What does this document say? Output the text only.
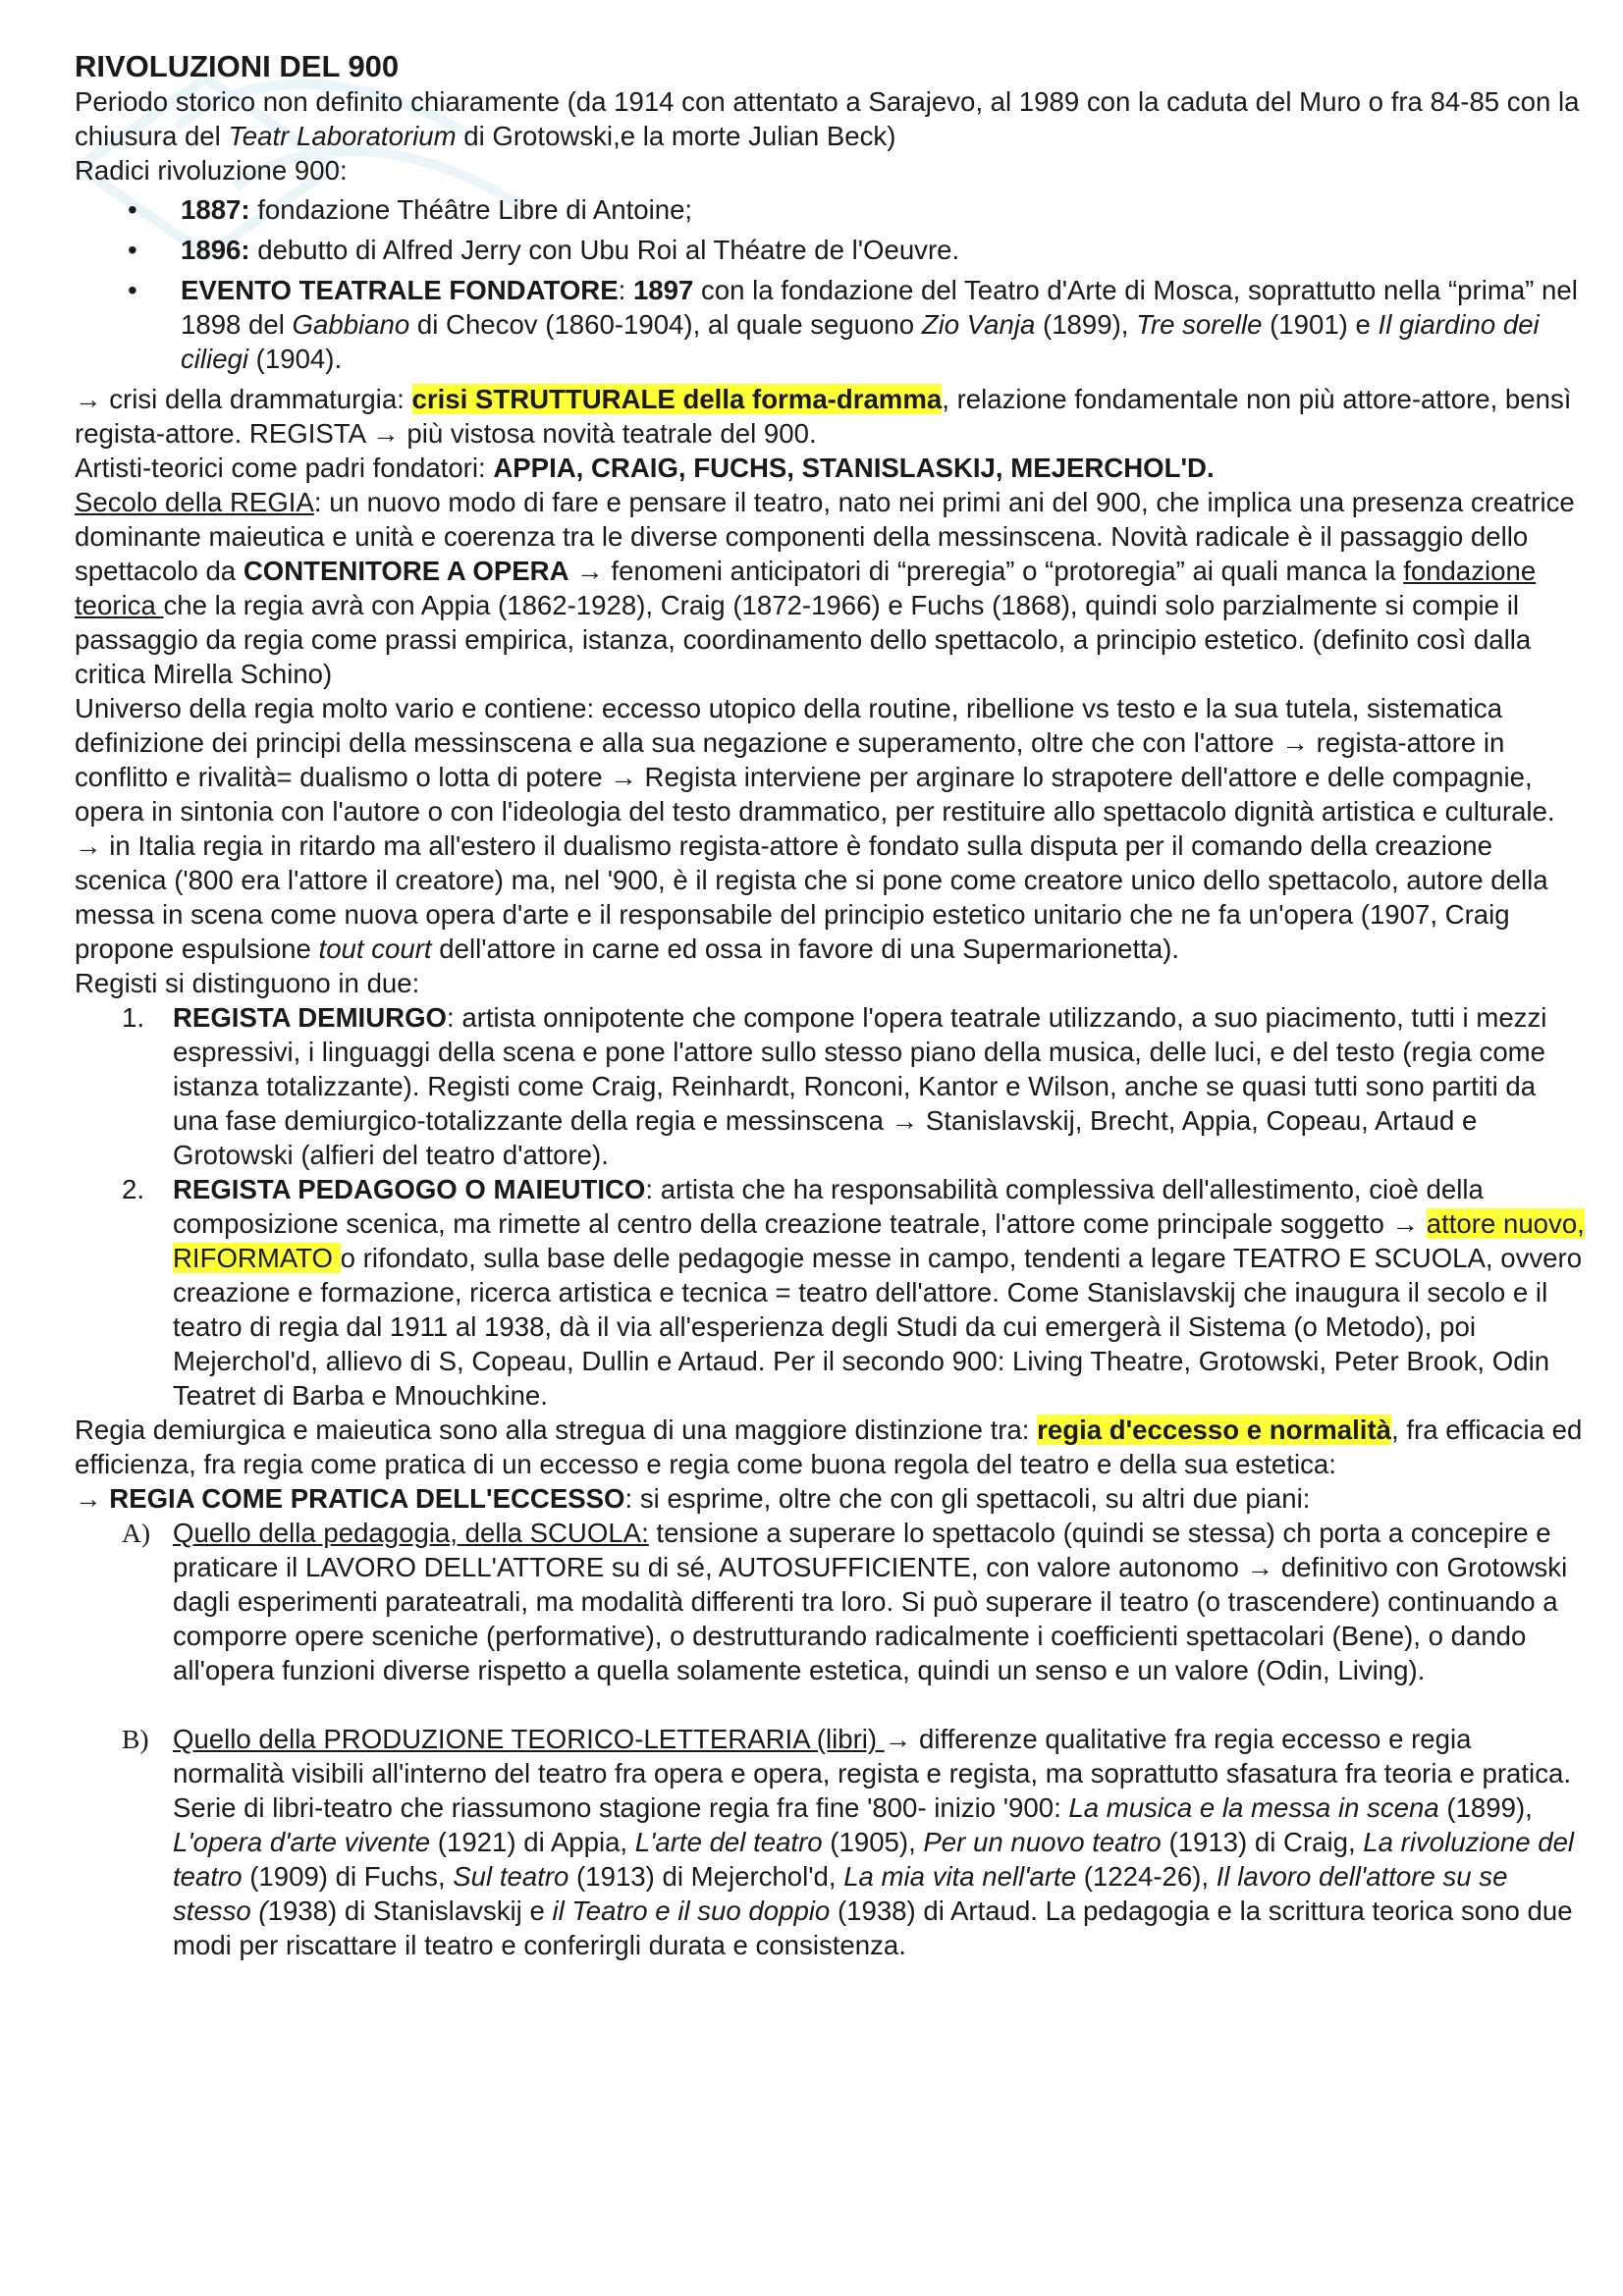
RIVOLUZIONI DEL 900

Periodo storico non definito chiaramente (da 1914 con attentato a Sarajevo, al 1989 con la caduta del Muro o fra 84-85 con la chiusura del Teatr Laboratorium di Grotowski,e la morte Julian Beck)

Radici rivoluzione 900:

• 1887: fondazione Théâtre Libre di Antoine;
• 1896: debutto di Alfred Jerry con Ubu Roi al Théatre de l'Oeuvre.
• EVENTO TEATRALE FONDATORE: 1897 con la fondazione del Teatro d'Arte di Mosca, soprattutto nella “prima” nel 1898 del Gabbiano di Checov (1860-1904), al quale seguono Zio Vanja (1899), Tre sorelle (1901) e Il giardino dei ciliegi (1904).

→ crisi della drammaturgia: crisi STRUTTURALE della forma-dramma, relazione fondamentale non più attore-attore, bensì regista-attore. REGISTA → più vistosa novità teatrale del 900.

Artisti-teorici come padri fondatori: APPIA, CRAIG, FUCHS, STANISLASKIJ, MEJERCHOL'D.

Secolo della REGIA: un nuovo modo di fare e pensare il teatro, nato nei primi ani del 900, che implica una presenza creatrice dominante maieutica e unità e coerenza tra le diverse componenti della messinscena. Novità radicale è il passaggio dello spettacolo da CONTENITORE A OPERA → fenomeni anticipatori di “preregia” o “protoregia” ai quali manca la fondazione teorica che la regia avrà con Appia (1862-1928), Craig (1872-1966) e Fuchs (1868), quindi solo parzialmente si compie il passaggio da regia come prassi empirica, istanza, coordinamento dello spettacolo, a principio estetico. (definito così dalla critica Mirella Schino)

Universo della regia molto vario e contiene: eccesso utopico della routine, ribellione vs testo e la sua tutela, sistematica definizione dei principi della messinscena e alla sua negazione e superamento, oltre che con l'attore → regista-attore in conflitto e rivalità= dualismo o lotta di potere → Regista interviene per arginare lo strapotere dell'attore e delle compagnie, opera in sintonia con l'autore o con l'ideologia del testo drammatico, per restituire allo spettacolo dignità artistica e culturale.

→ in Italia regia in ritardo ma all'estero il dualismo regista-attore è fondato sulla disputa per il comando della creazione scenica ('800 era l'attore il creatore) ma, nel '900, è il regista che si pone come creatore unico dello spettacolo, autore della messa in scena come nuova opera d'arte e il responsabile del principio estetico unitario che ne fa un'opera (1907, Craig propone espulsione tout court dell'attore in carne ed ossa in favore di una Supermarionetta).

Registi si distinguono in due:

1. REGISTA DEMIURGO: artista onnipotente che compone l'opera teatrale utilizzando, a suo piacimento, tutti i mezzi espressivi, i linguaggi della scena e pone l'attore sullo stesso piano della musica, delle luci, e del testo (regia come istanza totalizzante). Registi come Craig, Reinhardt, Ronconi, Kantor e Wilson, anche se quasi tutti sono partiti da una fase demiurgico-totalizzante della regia e messinscena → Stanislavskij, Brecht, Appia, Copeau, Artaud e Grotowski (alfieri del teatro d'attore).
2. REGISTA PEDAGOGO O MAIEUTICO: artista che ha responsabilità complessiva dell'allestimento, cioè della composizione scenica, ma rimette al centro della creazione teatrale, l'attore come principale soggetto → attore nuovo, RIFORMATO o rifondato, sulla base delle pedagogie messe in campo, tendenti a legare TEATRO E SCUOLA, ovvero creazione e formazione, ricerca artistica e tecnica = teatro dell'attore. Come Stanislavskij che inaugura il secolo e il teatro di regia dal 1911 al 1938, dà il via all'esperienza degli Studi da cui emergerà il Sistema (o Metodo), poi Mejerchol'd, allievo di S, Copeau, Dullin e Artaud. Per il secondo 900: Living Theatre, Grotowski, Peter Brook, Odin Teatret di Barba e Mnouchkine.

Regia demiurgica e maieutica sono alla stregua di una maggiore distinzione tra: regia d'eccesso e normalità, fra efficacia ed efficienza, fra regia come pratica di un eccesso e regia come buona regola del teatro e della sua estetica:

→ REGIA COME PRATICA DELL'ECCESSO: si esprime, oltre che con gli spettacoli, su altri due piani:

A) Quello della pedagogia, della SCUOLA: tensione a superare lo spettacolo (quindi se stessa) ch porta a concepire e praticare il LAVORO DELL'ATTORE su di sé, AUTOSUFFICIENTE, con valore autonomo → definitivo con Grotowski dagli esperimenti parateatrali, ma modalità differenti tra loro. Si può superare il teatro (o trascendere) continuando a comporre opere sceniche (performative), o destrutturando radicalmente i coefficienti spettacolari (Bene), o dando all'opera funzioni diverse rispetto a quella solamente estetica, quindi un senso e un valore (Odin, Living).
B) Quello della PRODUZIONE TEORICO-LETTERARIA (libri) → differenze qualitative fra regia eccesso e regia normalità visibili all'interno del teatro fra opera e opera, regista e regista, ma soprattutto sfasatura fra teoria e pratica. Serie di libri-teatro che riassumono stagione regia fra fine '800- inizio '900: La musica e la messa in scena (1899), L'opera d'arte vivente (1921) di Appia, L'arte del teatro (1905), Per un nuovo teatro (1913) di Craig, La rivoluzione del teatro (1909) di Fuchs, Sul teatro (1913) di Mejerchol'd, La mia vita nell'arte (1224-26), Il lavoro dell'attore su se stesso (1938) di Stanislavskij e il Teatro e il suo doppio (1938) di Artaud. La pedagogia e la scrittura teorica sono due modi per riscattare il teatro e conferirgli durata e consistenza.
